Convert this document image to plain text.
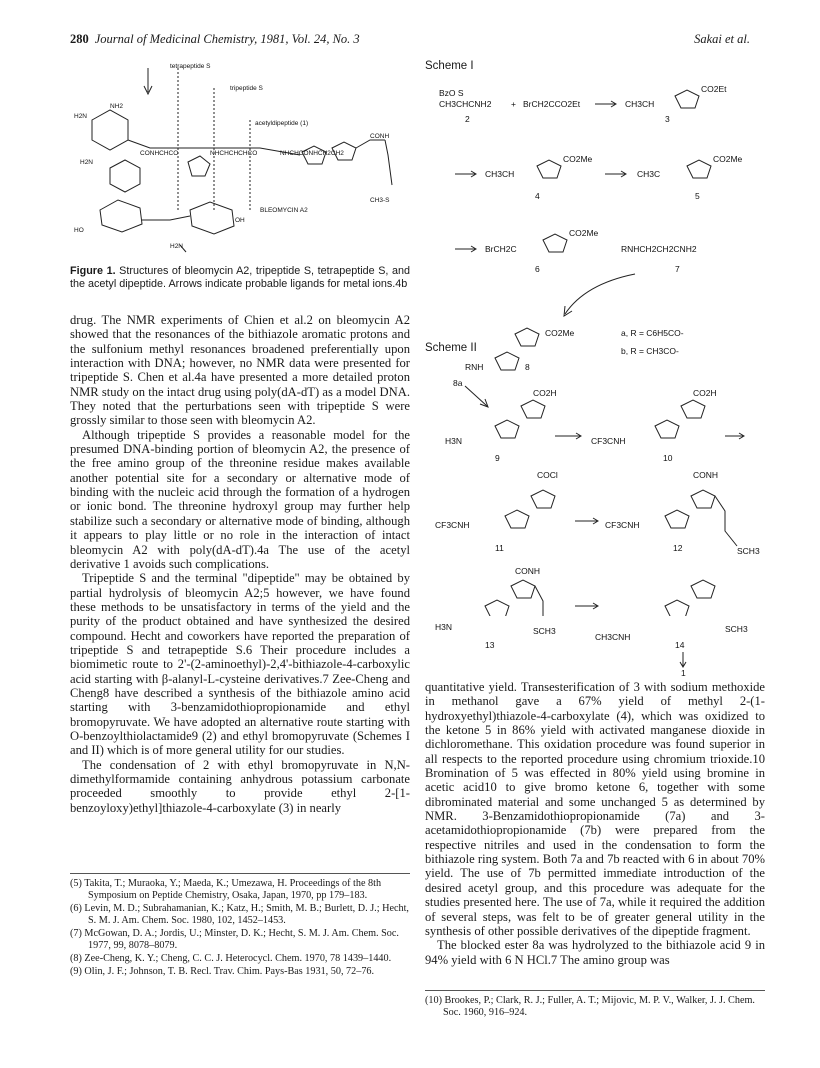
280 Journal of Medicinal Chemistry, 1981, Vol. 24, No. 3	Sakai et al.
tetrapeptide S
tripeptide S
acetyldipeptide (1)
BLEOMYCIN A2
H2N
NH2
H2N
CONHCHCO	NHCHCHCHCO	NHCHCONHCH2CH2
CONH
CH3-S
HO
OH
H2N

Figure 1. Structures of bleomycin A2, tripeptide S, tetrapeptide S, and the acetyl dipeptide. Arrows indicate probable ligands for metal ions.4b

drug. The NMR experiments of Chien et al.2 on bleomycin A2 showed that the resonances of the bithiazole aromatic protons and the sulfonium methyl resonances broadened preferentially upon interaction with DNA; however, no NMR data were presented for tripeptide S. Chen et al.4a have presented a more detailed proton NMR study on the intact drug using poly(dA-dT) as a model DNA. They noted that the perturbations seen with tripeptide S were grossly similar to those seen with bleomycin A2.

Although tripeptide S provides a reasonable model for the presumed DNA-binding portion of bleomycin A2, the presence of the free amino group of the threonine residue makes available another potential site for a secondary or alternative mode of binding with the nucleic acid through the formation of a hydrogen or ionic bond. The threonine hydroxyl group may further help stabilize such a secondary or alternative mode of binding, although it appears to play little or no role in the interaction of intact bleomycin A2 with poly(dA-dT).4a The use of the acetyl derivative 1 avoids such complications.

Tripeptide S and the terminal "dipeptide" may be obtained by partial hydrolysis of bleomycin A2;5 however, we have found these methods to be unsatisfactory in terms of the yield and the purity of the product obtained and have synthesized the desired compound. Hecht and coworkers have reported the preparation of tripeptide S and tetrapeptide S.6 Their procedure includes a biomimetic route to 2'-(2-aminoethyl)-2,4'-bithiazole-4-carboxylic acid starting with β-alanyl-L-cysteine derivatives.7 Zee-Cheng and Cheng8 have described a synthesis of the bithiazole amino acid starting with 3-benzamidothiopropionamide and ethyl bromopyruvate. We have adopted an alternative route starting with O-benzoylthiolactamide9 (2) and ethyl bromopyruvate (Schemes I and II) which is of more general utility for our studies.

The condensation of 2 with ethyl bromopyruvate in N,N-dimethylformamide containing anhydrous potassium carbonate proceeded smoothly to provide ethyl 2-[1-benzoyloxy)ethyl]thiazole-4-carboxylate (3) in nearly

(5) Takita, T.; Muraoka, Y.; Maeda, K.; Umezawa, H. Proceedings of the 8th Symposium on Peptide Chemistry, Osaka, Japan, 1970, pp 179–183.
(6) Levin, M. D.; Subrahamanian, K.; Katz, H.; Smith, M. B.; Burlett, D. J.; Hecht, S. M. J. Am. Chem. Soc. 1980, 102, 1452–1453.
(7) McGowan, D. A.; Jordis, U.; Minster, D. K.; Hecht, S. M. J. Am. Chem. Soc. 1977, 99, 8078–8079.
(8) Zee-Cheng, K. Y.; Cheng, C. C. J. Heterocycl. Chem. 1970, 78 1439–1440.
(9) Olin, J. F.; Johnson, T. B. Recl. Trav. Chim. Pays-Bas 1931, 50, 72–76.
Scheme I
BzO S
CH3CHCNH2 + BrCH2CCO2Et
2
CH3CH
CO2Et
3
CH3CH
CO2Me
4
CH3C
CO2Me
5
BrCH2C
CO2Me
6
RNHCH2CH2CNH2
7
CO2Me	a, R = C6H5CO-
b, R = CH3CO-
RNH	8
Scheme II
8a
CO2H
H3N
9
CO2H
CF3CNH
10
COCl
CF3CNH
11
CONH
CF3CNH
SCH3
12
CONH
H3N	SCH3
13
CH3CNH
SCH3
14
1

quantitative yield. Transesterification of 3 with sodium methoxide in methanol gave a 67% yield of methyl 2-(1-hydroxyethyl)thiazole-4-carboxylate (4), which was oxidized to the ketone 5 in 86% yield with activated manganese dioxide in dichloromethane. This oxidation procedure was found superior in all respects to the reported procedure using chromium trioxide.10 Bromination of 5 was effected in 80% yield using bromine in acetic acid10 to give bromo ketone 6, together with some dibrominated material and some unchanged 5 as determined by NMR. 3-Benzamidothiopropionamide (7a) and 3-acetamidothiopropionamide (7b) were prepared from the respective nitriles and used in the condensation to form the bithiazole ring system. Both 7a and 7b reacted with 6 in about 70% yield. The use of 7b permitted immediate introduction of the desired acetyl group, and this procedure was adequate for the studies presented here. The use of 7a, while it required the addition of several steps, was felt to be of greater general utility in the synthesis of other possible derivatives of the dipeptide fragment.

The blocked ester 8a was hydrolyzed to the bithiazole acid 9 in 94% yield with 6 N HCl.7 The amino group was

(10) Brookes, P.; Clark, R. J.; Fuller, A. T.; Mijovic, M. P. V., Walker, J. J. Chem. Soc. 1960, 916–924.
